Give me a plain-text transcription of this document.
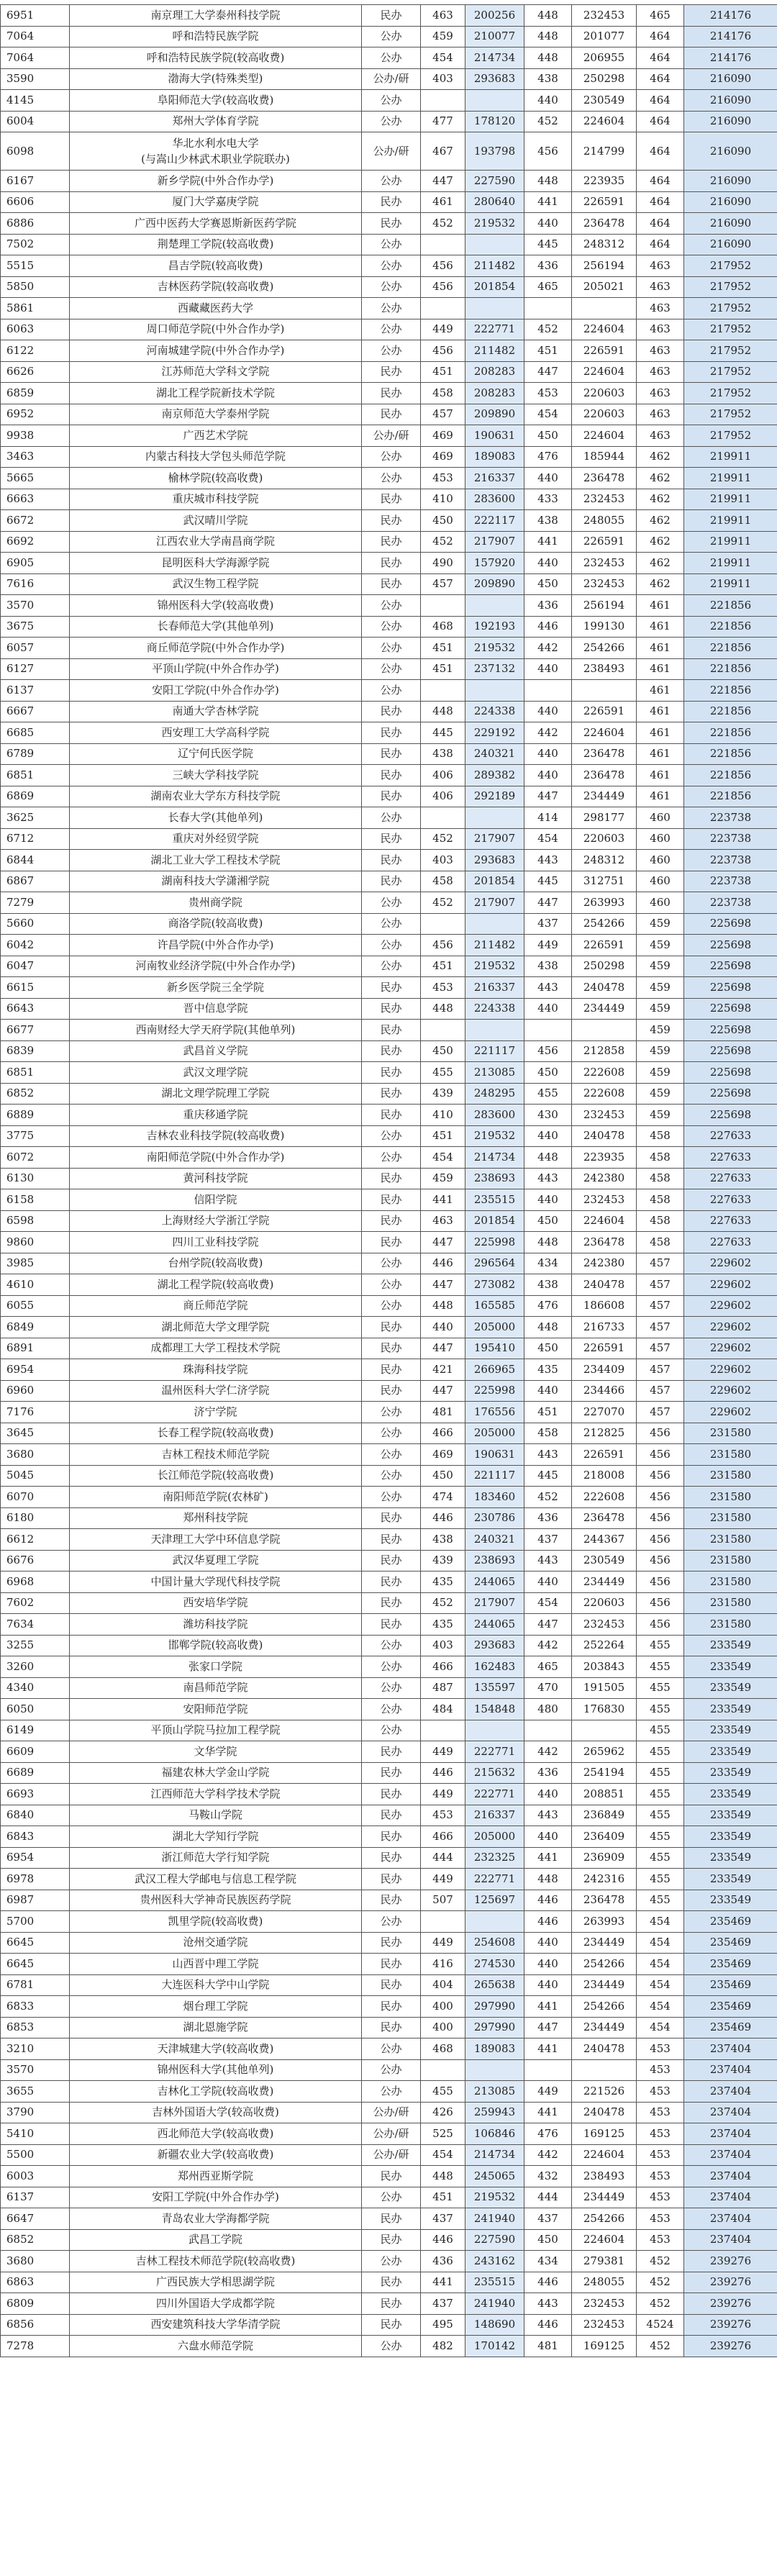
6951	南京理工大学泰州科技学院	民办	463	200256	448	232453	465	214176
7064	呼和浩特民族学院	公办	459	210077	448	201077	464	214176
7064	呼和浩特民族学院(较高收费)	公办	454	214734	448	206955	464	214176
3590	渤海大学(特殊类型)	公办/研	403	293683	438	250298	464	216090
4145	阜阳师范大学(较高收费)	公办			440	230549	464	216090
6004	郑州大学体育学院	公办	477	178120	452	224604	464	216090
6098	华北水利水电大学
(与嵩山少林武术职业学院联办)	公办/研	467	193798	456	214799	464	216090
6167	新乡学院(中外合作办学)	公办	447	227590	448	223935	464	216090
6606	厦门大学嘉庚学院	民办	461	280640	441	226591	464	216090
6886	广西中医药大学赛恩斯新医药学院	民办	452	219532	440	236478	464	216090
7502	荆楚理工学院(较高收费)	公办			445	248312	464	216090
5515	昌吉学院(较高收费)	公办	456	211482	436	256194	463	217952
5850	吉林医药学院(较高收费)	公办	456	201854	465	205021	463	217952
5861	西藏藏医药大学	公办					463	217952
6063	周口师范学院(中外合作办学)	公办	449	222771	452	224604	463	217952
6122	河南城建学院(中外合作办学)	公办	456	211482	451	226591	463	217952
6626	江苏师范大学科文学院	民办	451	208283	447	224604	463	217952
6859	湖北工程学院新技术学院	民办	458	208283	453	220603	463	217952
6952	南京师范大学泰州学院	民办	457	209890	454	220603	463	217952
9938	广西艺术学院	公办/研	469	190631	450	224604	463	217952
3463	内蒙古科技大学包头师范学院	公办	469	189083	476	185944	462	219911
5665	榆林学院(较高收费)	公办	453	216337	440	236478	462	219911
6663	重庆城市科技学院	民办	410	283600	433	232453	462	219911
6672	武汉晴川学院	民办	450	222117	438	248055	462	219911
6692	江西农业大学南昌商学院	民办	452	217907	441	226591	462	219911
6905	昆明医科大学海源学院	民办	490	157920	440	232453	462	219911
7616	武汉生物工程学院	民办	457	209890	450	232453	462	219911
3570	锦州医科大学(较高收费)	公办			436	256194	461	221856
3675	长春师范大学(其他单列)	公办	468	192193	446	199130	461	221856
6057	商丘师范学院(中外合作办学)	公办	451	219532	442	254266	461	221856
6127	平顶山学院(中外合作办学)	公办	451	237132	440	238493	461	221856
6137	安阳工学院(中外合作办学)	公办					461	221856
6667	南通大学杏林学院	民办	448	224338	440	226591	461	221856
6685	西安理工大学高科学院	民办	445	229192	442	224604	461	221856
6789	辽宁何氏医学院	民办	438	240321	440	236478	461	221856
6851	三峡大学科技学院	民办	406	289382	440	236478	461	221856
6869	湖南农业大学东方科技学院	民办	406	292189	447	234449	461	221856
3625	长春大学(其他单列)	公办			414	298177	460	223738
6712	重庆对外经贸学院	民办	452	217907	454	220603	460	223738
6844	湖北工业大学工程技术学院	民办	403	293683	443	248312	460	223738
6867	湖南科技大学潇湘学院	民办	458	201854	445	312751	460	223738
7279	贵州商学院	公办	452	217907	447	263993	460	223738
5660	商洛学院(较高收费)	公办			437	254266	459	225698
6042	许昌学院(中外合作办学)	公办	456	211482	449	226591	459	225698
6047	河南牧业经济学院(中外合作办学)	公办	451	219532	438	250298	459	225698
6615	新乡医学院三全学院	民办	453	216337	443	240478	459	225698
6643	晋中信息学院	民办	448	224338	440	234449	459	225698
6677	西南财经大学天府学院(其他单列)	民办					459	225698
6839	武昌首义学院	民办	450	221117	456	212858	459	225698
6851	武汉文理学院	民办	455	213085	450	222608	459	225698
6852	湖北文理学院理工学院	民办	439	248295	455	222608	459	225698
6889	重庆移通学院	民办	410	283600	430	232453	459	225698
3775	吉林农业科技学院(较高收费)	公办	451	219532	440	240478	458	227633
6072	南阳师范学院(中外合作办学)	公办	454	214734	448	223935	458	227633
6130	黄河科技学院	民办	459	238693	443	242380	458	227633
6158	信阳学院	民办	441	235515	440	232453	458	227633
6598	上海财经大学浙江学院	民办	463	201854	450	224604	458	227633
9860	四川工业科技学院	民办	447	225998	448	236478	458	227633
3985	台州学院(较高收费)	公办	446	296564	434	242380	457	229602
4610	湖北工程学院(较高收费)	公办	447	273082	438	240478	457	229602
6055	商丘师范学院	公办	448	165585	476	186608	457	229602
6849	湖北师范大学文理学院	民办	440	205000	448	216733	457	229602
6891	成都理工大学工程技术学院	民办	447	195410	450	226591	457	229602
6954	珠海科技学院	民办	421	266965	435	234409	457	229602
6960	温州医科大学仁济学院	民办	447	225998	440	234466	457	229602
7176	济宁学院	公办	481	176556	451	227070	457	229602
3645	长春工程学院(较高收费)	公办	466	205000	458	212825	456	231580
3680	吉林工程技术师范学院	公办	469	190631	443	226591	456	231580
5045	长江师范学院(较高收费)	公办	450	221117	445	218008	456	231580
6070	南阳师范学院(农林矿)	公办	474	183460	452	222608	456	231580
6180	郑州科技学院	民办	446	230786	436	236478	456	231580
6612	天津理工大学中环信息学院	民办	438	240321	437	244367	456	231580
6676	武汉华夏理工学院	民办	439	238693	443	230549	456	231580
6968	中国计量大学现代科技学院	民办	435	244065	440	234449	456	231580
7602	西安培华学院	民办	452	217907	454	220603	456	231580
7634	潍坊科技学院	民办	435	244065	447	232453	456	231580
3255	邯郸学院(较高收费)	公办	403	293683	442	252264	455	233549
3260	张家口学院	公办	466	162483	465	203843	455	233549
4340	南昌师范学院	公办	487	135597	470	191505	455	233549
6050	安阳师范学院	公办	484	154848	480	176830	455	233549
6149	平顶山学院马拉加工程学院	公办					455	233549
6609	文华学院	民办	449	222771	442	265962	455	233549
6689	福建农林大学金山学院	民办	446	215632	436	254194	455	233549
6693	江西师范大学科学技术学院	民办	449	222771	440	208851	455	233549
6840	马鞍山学院	民办	453	216337	443	236849	455	233549
6843	湖北大学知行学院	民办	466	205000	440	236409	455	233549
6954	浙江师范大学行知学院	民办	444	232325	441	236909	455	233549
6978	武汉工程大学邮电与信息工程学院	民办	449	222771	448	242316	455	233549
6987	贵州医科大学神奇民族医药学院	民办	507	125697	446	236478	455	233549
5700	凯里学院(较高收费)	公办			446	263993	454	235469
6645	沧州交通学院	民办	449	254608	440	234449	454	235469
6645	山西晋中理工学院	民办	416	274530	440	254266	454	235469
6781	大连医科大学中山学院	民办	404	265638	440	234449	454	235469
6833	烟台理工学院	民办	400	297990	441	254266	454	235469
6853	湖北恩施学院	民办	400	297990	447	234449	454	235469
3210	天津城建大学(较高收费)	公办	468	189083	441	240478	453	237404
3570	锦州医科大学(其他单列)	公办					453	237404
3655	吉林化工学院(较高收费)	公办	455	213085	449	221526	453	237404
3790	吉林外国语大学(较高收费)	公办/研	426	259943	441	240478	453	237404
5410	西北师范大学(较高收费)	公办/研	525	106846	476	169125	453	237404
5500	新疆农业大学(较高收费)	公办/研	454	214734	442	224604	453	237404
6003	郑州西亚斯学院	民办	448	245065	432	238493	453	237404
6137	安阳工学院(中外合作办学)	公办	451	219532	444	234449	453	237404
6647	青岛农业大学海都学院	民办	437	241940	437	254266	453	237404
6852	武昌工学院	民办	446	227590	450	224604	453	237404
3680	吉林工程技术师范学院(较高收费)	公办	436	243162	434	279381	452	239276
6863	广西民族大学相思湖学院	民办	441	235515	446	248055	452	239276
6809	四川外国语大学成都学院	民办	437	241940	443	232453	452	239276
6856	西安建筑科技大学华清学院	民办	495	148690	446	232453	4524	239276
7278	六盘水师范学院	公办	482	170142	481	169125	452	239276
